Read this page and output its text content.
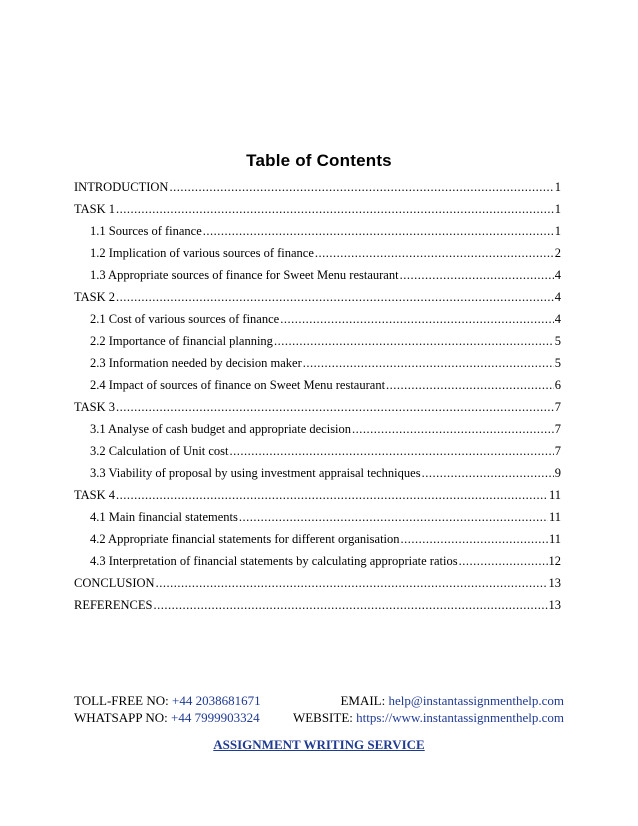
Table of Contents
INTRODUCTION .....	1
TASK 1 .....	1
1.1 Sources of finance .....	1
1.2 Implication of various sources of finance .....	2
1.3 Appropriate sources of finance for Sweet Menu restaurant .....	4
TASK 2 .....	4
2.1 Cost of various sources of finance .....	4
2.2 Importance of financial planning .....	5
2.3 Information needed by decision maker .....	5
2.4 Impact of sources of finance on Sweet Menu restaurant .....	6
TASK 3 .....	7
3.1 Analyse of cash budget and appropriate decision .....	7
3.2 Calculation of Unit cost .....	7
3.3 Viability of proposal by using investment appraisal techniques .....	9
TASK 4 .....	11
4.1 Main financial statements .....	11
4.2 Appropriate financial statements for different organisation .....	11
4.3 Interpretation of financial statements by calculating appropriate ratios .....	12
CONCLUSION .....	13
REFERENCES .....	13
TOLL-FREE NO: +44 2038681671	EMAIL: help@instantassignmenthelp.com
WHATSAPP NO: +44 7999903324	WEBSITE: https://www.instantassignmenthelp.com
ASSIGNMENT WRITING SERVICE
